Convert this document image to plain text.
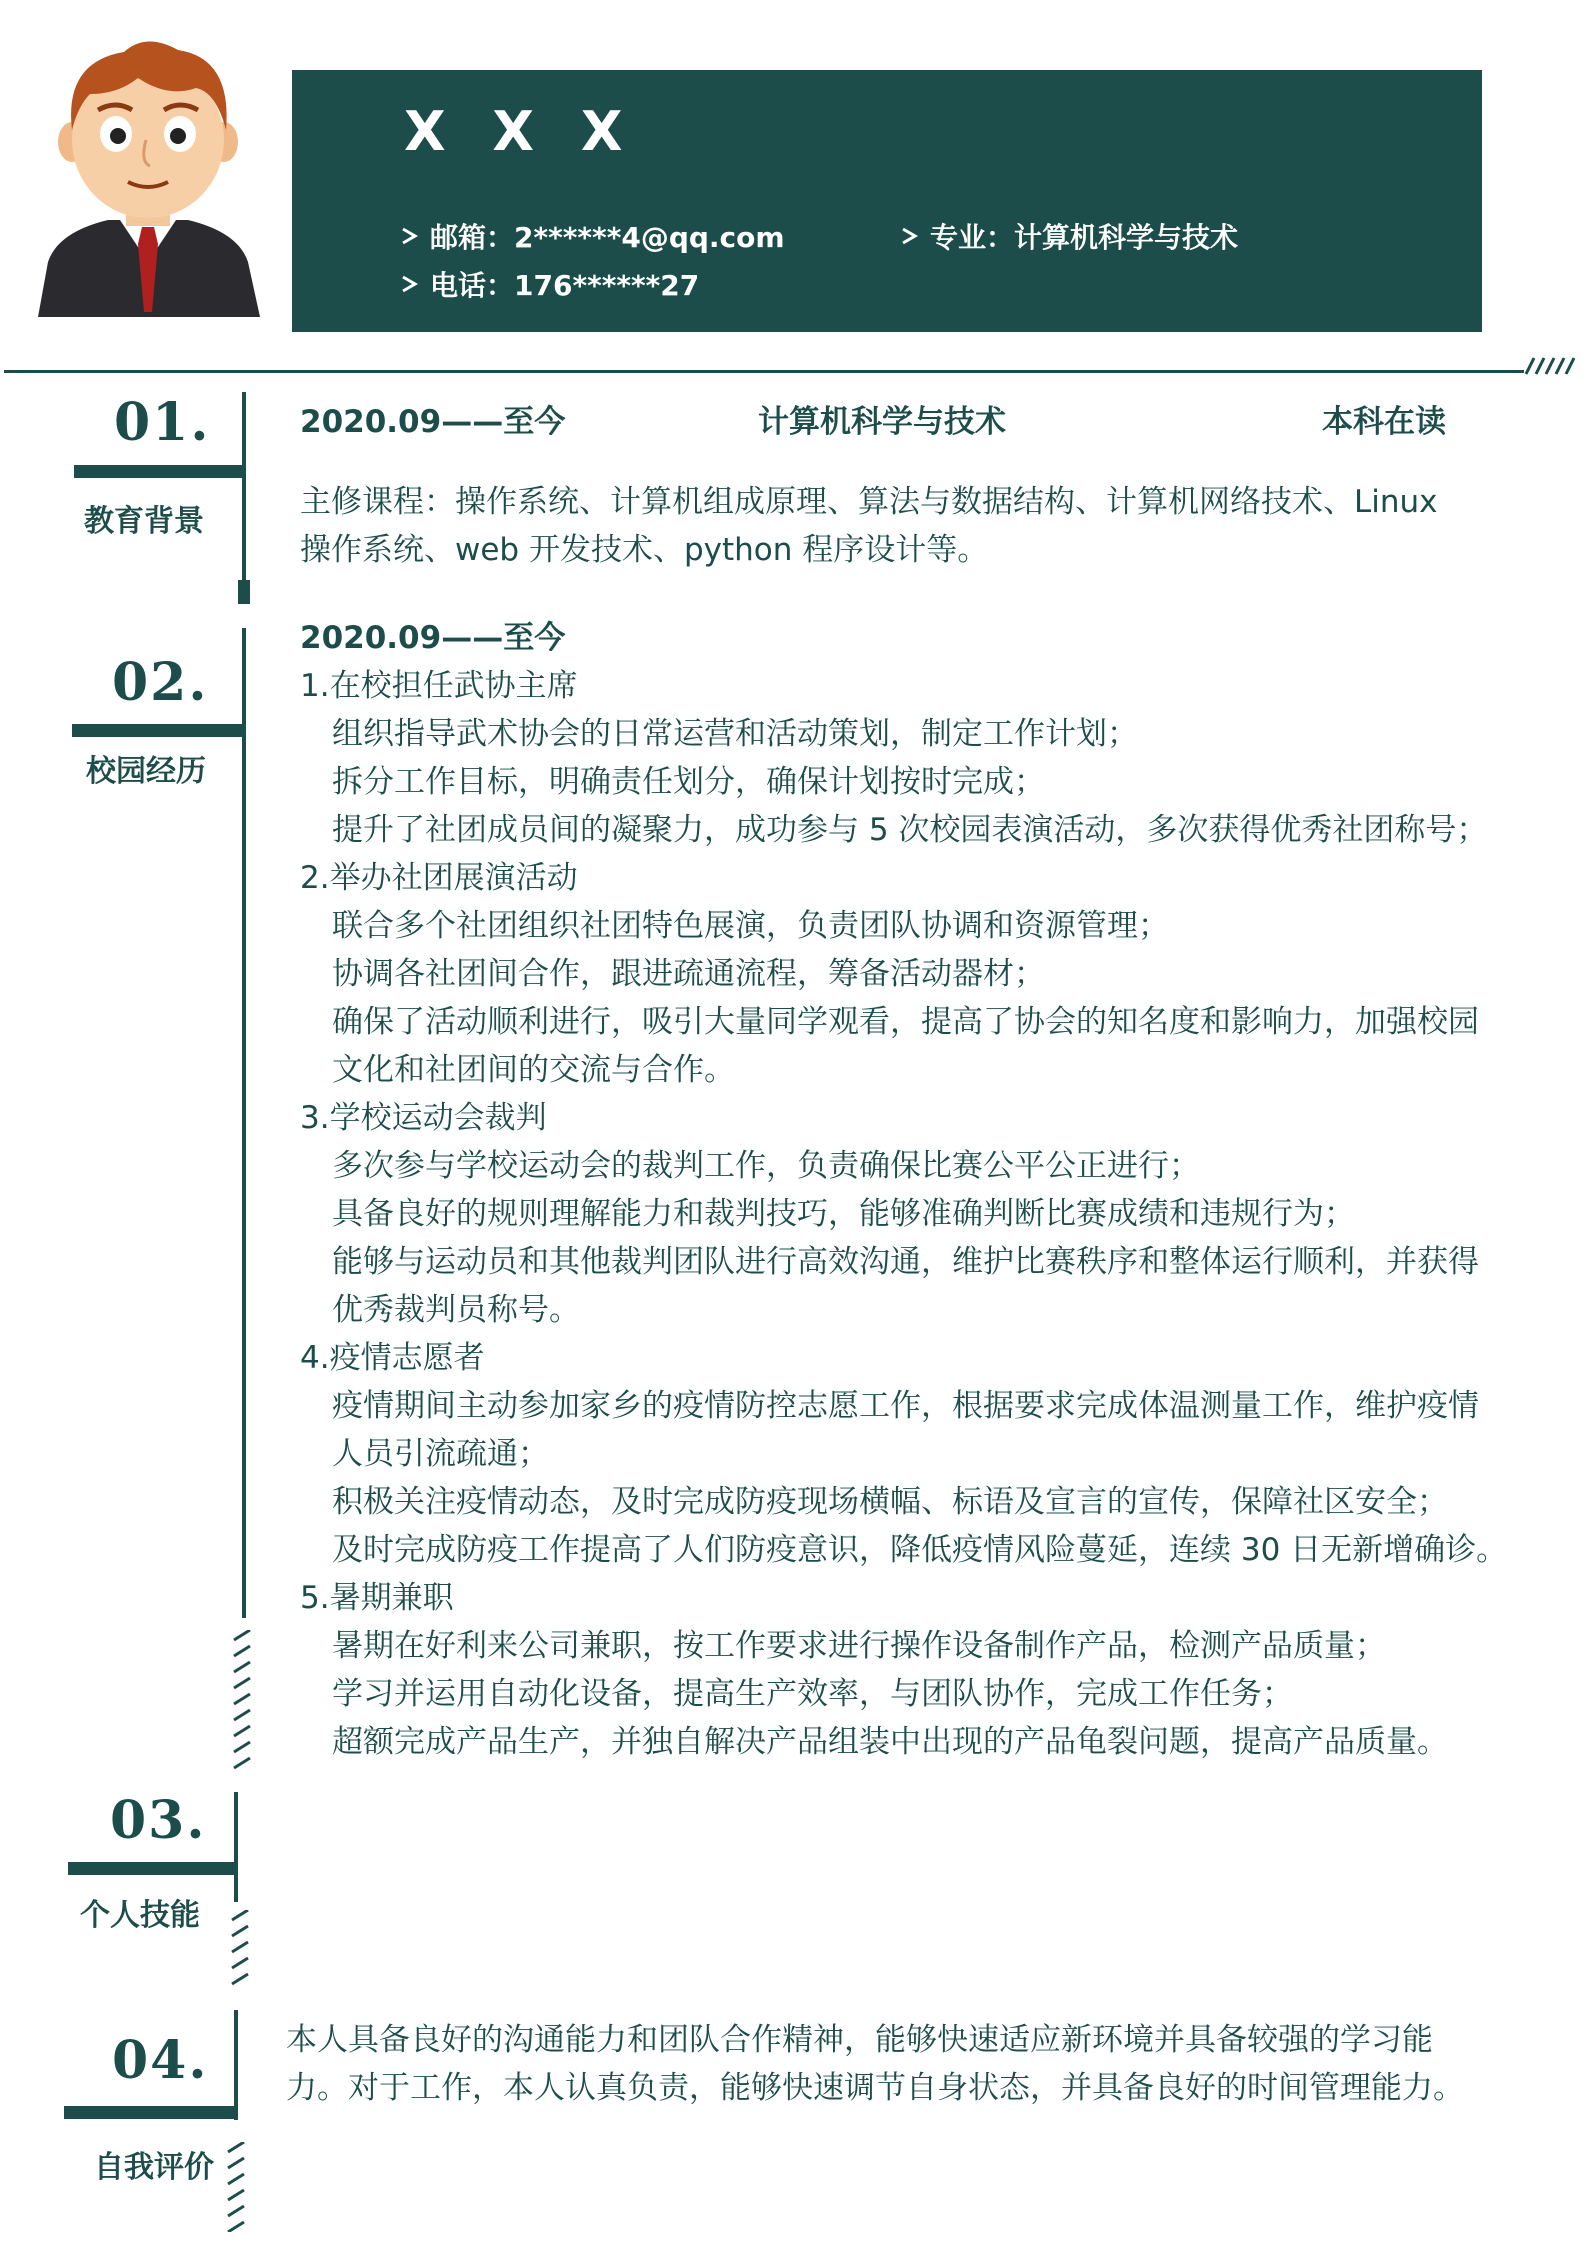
X X X
邮箱：2******4@qq.com
电话：176******27
专业：计算机科学与技术
01.
教育背景
2020.09——至今	计算机科学与技术	本科在读
主修课程：操作系统、计算机组成原理、算法与数据结构、计算机网络技术、Linux
操作系统、web 开发技术、python 程序设计等。
02.
校园经历
2020.09——至今
1.在校担任武协主席
组织指导武术协会的日常运营和活动策划，制定工作计划；
拆分工作目标，明确责任划分，确保计划按时完成；
提升了社团成员间的凝聚力，成功参与 5 次校园表演活动，多次获得优秀社团称号；
2.举办社团展演活动
联合多个社团组织社团特色展演，负责团队协调和资源管理；
协调各社团间合作，跟进疏通流程，筹备活动器材；
确保了活动顺利进行，吸引大量同学观看，提高了协会的知名度和影响力，加强校园
文化和社团间的交流与合作。
3.学校运动会裁判
多次参与学校运动会的裁判工作，负责确保比赛公平公正进行；
具备良好的规则理解能力和裁判技巧，能够准确判断比赛成绩和违规行为；
能够与运动员和其他裁判团队进行高效沟通，维护比赛秩序和整体运行顺利，并获得
优秀裁判员称号。
4.疫情志愿者
疫情期间主动参加家乡的疫情防控志愿工作，根据要求完成体温测量工作，维护疫情
人员引流疏通；
积极关注疫情动态，及时完成防疫现场横幅、标语及宣言的宣传，保障社区安全；
及时完成防疫工作提高了人们防疫意识，降低疫情风险蔓延，连续 30 日无新增确诊。
5.暑期兼职
暑期在好利来公司兼职，按工作要求进行操作设备制作产品，检测产品质量；
学习并运用自动化设备，提高生产效率，与团队协作，完成工作任务；
超额完成产品生产，并独自解决产品组装中出现的产品龟裂问题，提高产品质量。
03.
个人技能
04.
自我评价
本人具备良好的沟通能力和团队合作精神，能够快速适应新环境并具备较强的学习能
力。对于工作，本人认真负责，能够快速调节自身状态，并具备良好的时间管理能力。
